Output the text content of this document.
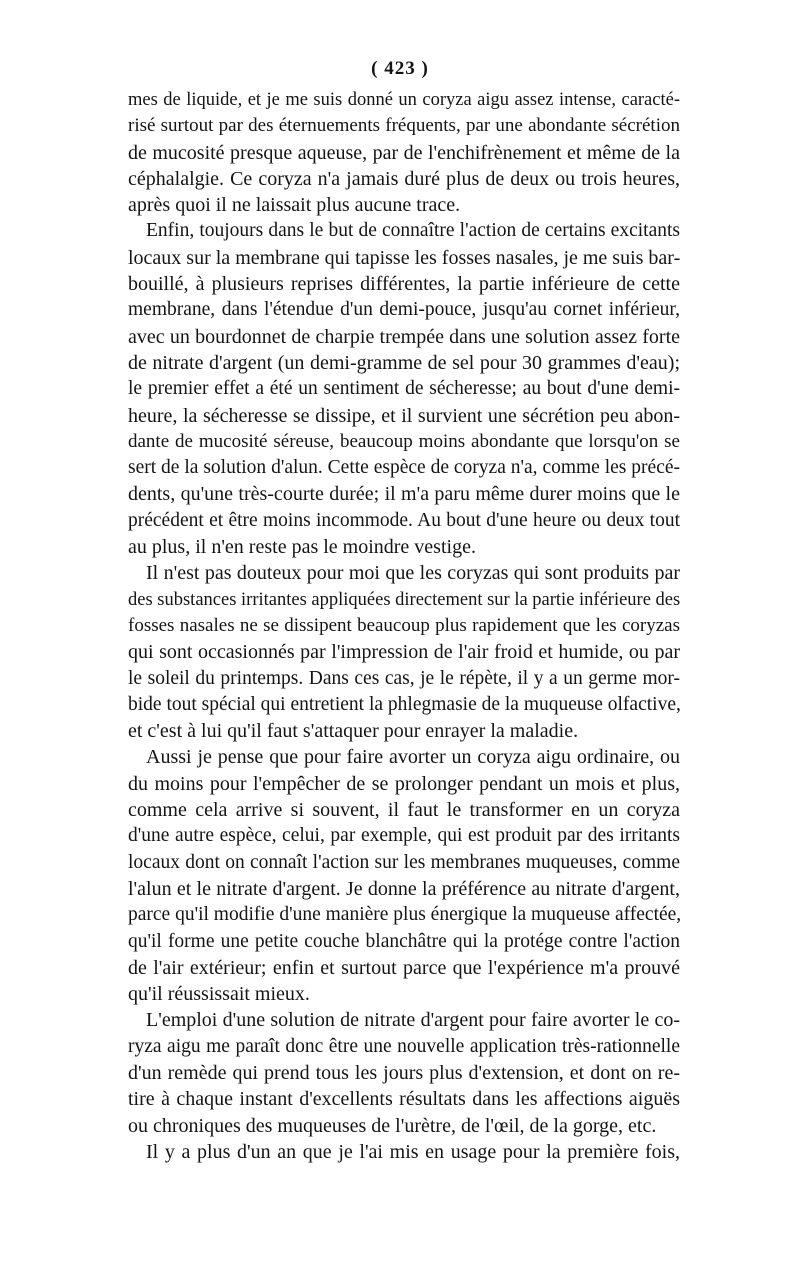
( 423 )
mes de liquide, et je me suis donné un coryza aigu assez intense, caracté-
risé surtout par des éternuements fréquents, par une abondante sécrétion
de mucosité presque aqueuse, par de l'enchifrènement et même de la
céphalalgie. Ce coryza n'a jamais duré plus de deux ou trois heures,
après quoi il ne laissait plus aucune trace.
Enfin, toujours dans le but de connaître l'action de certains excitants
locaux sur la membrane qui tapisse les fosses nasales, je me suis bar-
bouillé, à plusieurs reprises différentes, la partie inférieure de cette
membrane, dans l'étendue d'un demi-pouce, jusqu'au cornet inférieur,
avec un bourdonnet de charpie trempée dans une solution assez forte
de nitrate d'argent (un demi-gramme de sel pour 30 grammes d'eau);
le premier effet a été un sentiment de sécheresse; au bout d'une demi-
heure, la sécheresse se dissipe, et il survient une sécrétion peu abon-
dante de mucosité séreuse, beaucoup moins abondante que lorsqu'on se
sert de la solution d'alun. Cette espèce de coryza n'a, comme les précé-
dents, qu'une très-courte durée; il m'a paru même durer moins que le
précédent et être moins incommode. Au bout d'une heure ou deux tout
au plus, il n'en reste pas le moindre vestige.
Il n'est pas douteux pour moi que les coryzas qui sont produits par
des substances irritantes appliquées directement sur la partie inférieure des
fosses nasales ne se dissipent beaucoup plus rapidement que les coryzas
qui sont occasionnés par l'impression de l'air froid et humide, ou par
le soleil du printemps. Dans ces cas, je le répète, il y a un germe mor-
bide tout spécial qui entretient la phlegmasie de la muqueuse olfactive,
et c'est à lui qu'il faut s'attaquer pour enrayer la maladie.
Aussi je pense que pour faire avorter un coryza aigu ordinaire, ou
du moins pour l'empêcher de se prolonger pendant un mois et plus,
comme cela arrive si souvent, il faut le transformer en un coryza
d'une autre espèce, celui, par exemple, qui est produit par des irritants
locaux dont on connaît l'action sur les membranes muqueuses, comme
l'alun et le nitrate d'argent. Je donne la préférence au nitrate d'argent,
parce qu'il modifie d'une manière plus énergique la muqueuse affectée,
qu'il forme une petite couche blanchâtre qui la protége contre l'action
de l'air extérieur; enfin et surtout parce que l'expérience m'a prouvé
qu'il réussissait mieux.
L'emploi d'une solution de nitrate d'argent pour faire avorter le co-
ryza aigu me paraît donc être une nouvelle application très-rationnelle
d'un remède qui prend tous les jours plus d'extension, et dont on re-
tire à chaque instant d'excellents résultats dans les affections aiguës
ou chroniques des muqueuses de l'urètre, de l'œil, de la gorge, etc.
Il y a plus d'un an que je l'ai mis en usage pour la première fois,
